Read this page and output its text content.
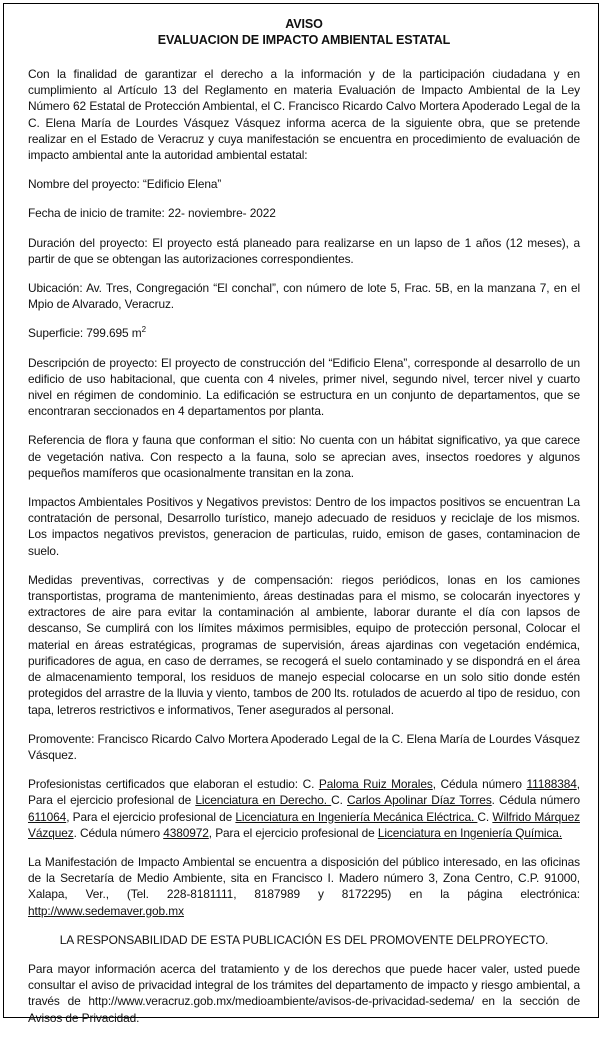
AVISO
EVALUACION DE IMPACTO AMBIENTAL ESTATAL

Con la finalidad de garantizar el derecho a la información y de la participación ciudadana y en cumplimiento al Artículo 13 del Reglamento en materia Evaluación de Impacto Ambiental de la Ley Número 62 Estatal de Protección Ambiental, el C. Francisco Ricardo Calvo Mortera Apoderado Legal de la C. Elena María de Lourdes Vásquez Vásquez informa acerca de la siguiente obra, que se pretende realizar en el Estado de Veracruz y cuya manifestación se encuentra en procedimiento de evaluación de impacto ambiental ante la autoridad ambiental estatal:

Nombre del proyecto: “Edificio Elena”

Fecha de inicio de tramite: 22- noviembre- 2022

Duración del proyecto: El proyecto está planeado para realizarse en un lapso de 1 años (12 meses), a partir de que se obtengan las autorizaciones correspondientes.

Ubicación: Av. Tres, Congregación “El conchal”, con número de lote 5, Frac. 5B, en la manzana 7, en el Mpio de Alvarado, Veracruz.

Superficie: 799.695 $m^2$

Descripción de proyecto: El proyecto de construcción del “Edificio Elena”, corresponde al desarrollo de un edificio de uso habitacional, que cuenta con 4 niveles, primer nivel, segundo nivel, tercer nivel y cuarto nivel en régimen de condominio. La edificación se estructura en un conjunto de departamentos, que se encontraran seccionados en 4 departamentos por planta.

Referencia de flora y fauna que conforman el sitio: No cuenta con un hábitat significativo, ya que carece de vegetación nativa. Con respecto a la fauna, solo se aprecian aves, insectos roedores y algunos pequeños mamíferos que ocasionalmente transitan en la zona.

Impactos Ambientales Positivos y Negativos previstos: Dentro de los impactos positivos se encuentran La contratación de personal, Desarrollo turístico, manejo adecuado de residuos y reciclaje de los mismos. Los impactos negativos previstos, generacion de particulas, ruido, emison de gases, contaminacion de suelo.

Medidas preventivas, correctivas y de compensación: riegos periódicos, lonas en los camiones transportistas, programa de mantenimiento, áreas destinadas para el mismo, se colocarán inyectores y extractores de aire para evitar la contaminación al ambiente, laborar durante el día con lapsos de descanso, Se cumplirá con los límites máximos permisibles, equipo de protección personal, Colocar el material en áreas estratégicas, programas de supervisión, áreas ajardinas con vegetación endémica, purificadores de agua, en caso de derrames, se recogerá el suelo contaminado y se dispondrá en el área de almacenamiento temporal, los residuos de manejo especial colocarse en un solo sitio donde estén protegidos del arrastre de la lluvia y viento, tambos de 200 lts. rotulados de acuerdo al tipo de residuo, con tapa, letreros restrictivos e informativos, Tener asegurados al personal.

Promovente: Francisco Ricardo Calvo Mortera Apoderado Legal de la C. Elena María de Lourdes Vásquez Vásquez.

Profesionistas certificados que elaboran el estudio: C. Paloma Ruiz Morales, Cédula número 11188384, Para el ejercicio profesional de Licenciatura en Derecho. C. Carlos Apolinar Díaz Torres. Cédula número 611064, Para el ejercicio profesional de Licenciatura en Ingeniería Mecánica Eléctrica. C. Wilfrido Márquez Vázquez. Cédula número 4380972, Para el ejercicio profesional de Licenciatura en Ingeniería Química.

La Manifestación de Impacto Ambiental se encuentra a disposición del público interesado, en las oficinas de la Secretaría de Medio Ambiente, sita en Francisco I. Madero número 3, Zona Centro, C.P. 91000, Xalapa, Ver., (Tel. 228-8181111, 8187989 y 8172295) en la página electrónica: http://www.sedemaver.gob.mx

LA RESPONSABILIDAD DE ESTA PUBLICACIÓN ES DEL PROMOVENTE DELPROYECTO.

Para mayor información acerca del tratamiento y de los derechos que puede hacer valer, usted puede consultar el aviso de privacidad integral de los trámites del departamento de impacto y riesgo ambiental, a través de http://www.veracruz.gob.mx/medioambiente/avisos-de-privacidad-sedema/ en la sección de Avisos de Privacidad.
